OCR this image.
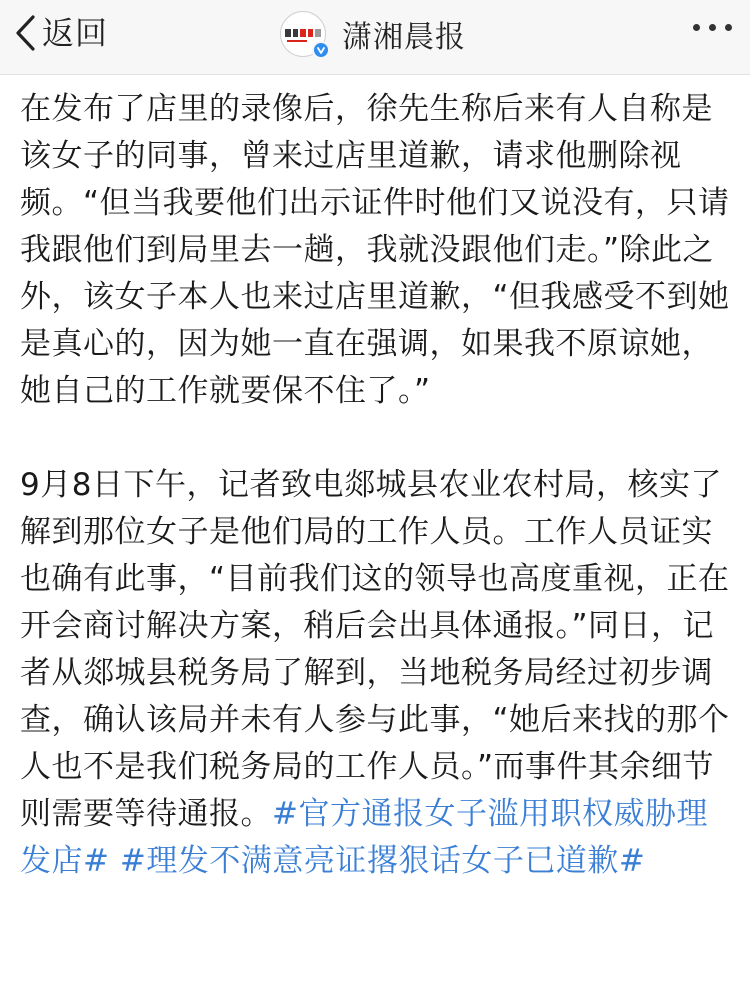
返回	潇湘晨报

在发布了店里的录像后，徐先生称后来有人自称是该女子的同事，曾来过店里道歉，请求他删除视频。“但当我要他们出示证件时他们又说没有，只请我跟他们到局里去一趟，我就没跟他们走。”除此之外，该女子本人也来过店里道歉，“但我感受不到她是真心的，因为她一直在强调，如果我不原谅她，她自己的工作就要保不住了。”

9月8日下午，记者致电郯城县农业农村局，核实了解到那位女子是他们局的工作人员。工作人员证实也确有此事，“目前我们这的领导也高度重视，正在开会商讨解决方案，稍后会出具体通报。”同日，记者从郯城县税务局了解到，当地税务局经过初步调查，确认该局并未有人参与此事，“她后来找的那个人也不是我们税务局的工作人员。”而事件其余细节则需要等待通报。#官方通报女子滥用职权威胁理发店# #理发不满意亮证撂狠话女子已道歉#
